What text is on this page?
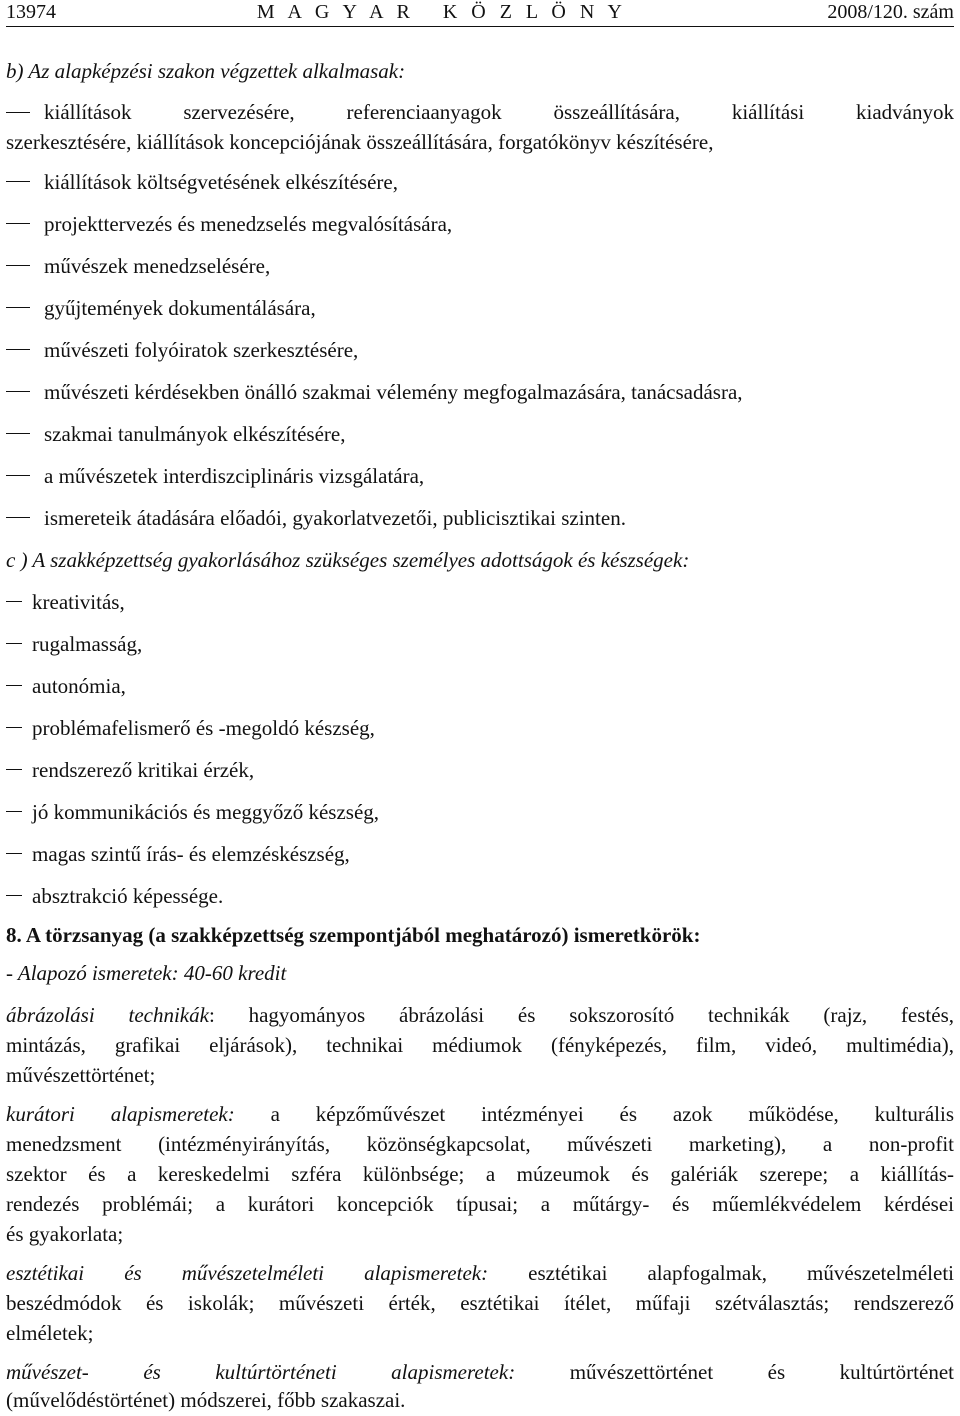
13974	M A G Y A R   K Ö Z L Ö N Y	2008/120. szám
b) Az alapképzési szakon végzettek alkalmasak:
kiállítások szervezésére, referenciaanyagok összeállítására, kiállítási kiadványok
szerkesztésére, kiállítások koncepciójának összeállítására, forgatókönyv készítésére,
kiállítások költségvetésének elkészítésére,
projekttervezés és menedzselés megvalósítására,
művészek menedzselésére,
gyűjtemények dokumentálására,
művészeti folyóiratok szerkesztésére,
művészeti kérdésekben önálló szakmai vélemény megfogalmazására, tanácsadásra,
szakmai tanulmányok elkészítésére,
a művészetek interdiszciplináris vizsgálatára,
ismereteik átadására előadói, gyakorlatvezetői, publicisztikai szinten.
c ) A szakképzettség gyakorlásához szükséges személyes adottságok és készségek:
kreativitás,
rugalmasság,
autonómia,
problémafelismerő és -megoldó készség,
rendszerező kritikai érzék,
jó kommunikációs és meggyőző készség,
magas szintű írás- és elemzéskészség,
absztrakció képessége.
8. A törzsanyag (a szakképzettség szempontjából meghatározó) ismeretkörök:
- Alapozó ismeretek: 40-60 kredit
ábrázolási technikák: hagyományos ábrázolási és sokszorosító technikák (rajz, festés,
mintázás, grafikai eljárások), technikai médiumok (fényképezés, film, videó, multimédia),
művészettörténet;
kurátori alapismeretek: a képzőművészet intézményei és azok működése, kulturális
menedzsment (intézményirányítás, közönségkapcsolat, művészeti marketing), a non-profit
szektor és a kereskedelmi szféra különbsége; a múzeumok és galériák szerepe; a kiállítás-
rendezés problémái; a kurátori koncepciók típusai; a műtárgy- és műemlékvédelem kérdései
és gyakorlata;
esztétikai és művészetelméleti alapismeretek: esztétikai alapfogalmak, művészetelméleti
beszédmódok és iskolák; művészeti érték, esztétikai ítélet, műfaji szétválasztás; rendszerező
elméletek;
művészet- és kultúrtörténeti alapismeretek: művészettörténet és kultúrtörténet
(művelődéstörténet) módszerei, főbb szakaszai.
